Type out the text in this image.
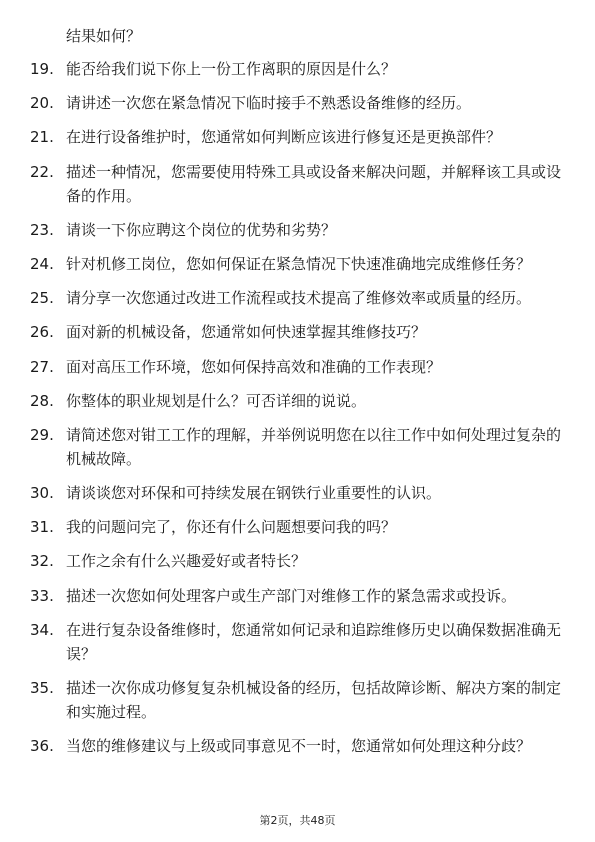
结果如何？
19. 能否给我们说下你上一份工作离职的原因是什么？
20. 请讲述一次您在紧急情况下临时接手不熟悉设备维修的经历。
21. 在进行设备维护时，您通常如何判断应该进行修复还是更换部件？
22. 描述一种情况，您需要使用特殊工具或设备来解决问题，并解释该工具或设备的作用。
23. 请谈一下你应聘这个岗位的优势和劣势？
24. 针对机修工岗位，您如何保证在紧急情况下快速准确地完成维修任务？
25. 请分享一次您通过改进工作流程或技术提高了维修效率或质量的经历。
26. 面对新的机械设备，您通常如何快速掌握其维修技巧？
27. 面对高压工作环境，您如何保持高效和准确的工作表现？
28. 你整体的职业规划是什么？可否详细的说说。
29. 请简述您对钳工工作的理解，并举例说明您在以往工作中如何处理过复杂的机械故障。
30. 请谈谈您对环保和可持续发展在钢铁行业重要性的认识。
31. 我的问题问完了，你还有什么问题想要问我的吗？
32. 工作之余有什么兴趣爱好或者特长？
33. 描述一次您如何处理客户或生产部门对维修工作的紧急需求或投诉。
34. 在进行复杂设备维修时，您通常如何记录和追踪维修历史以确保数据准确无误？
35. 描述一次你成功修复复杂机械设备的经历，包括故障诊断、解决方案的制定和实施过程。
36. 当您的维修建议与上级或同事意见不一时，您通常如何处理这种分歧？
第2页，共48页
